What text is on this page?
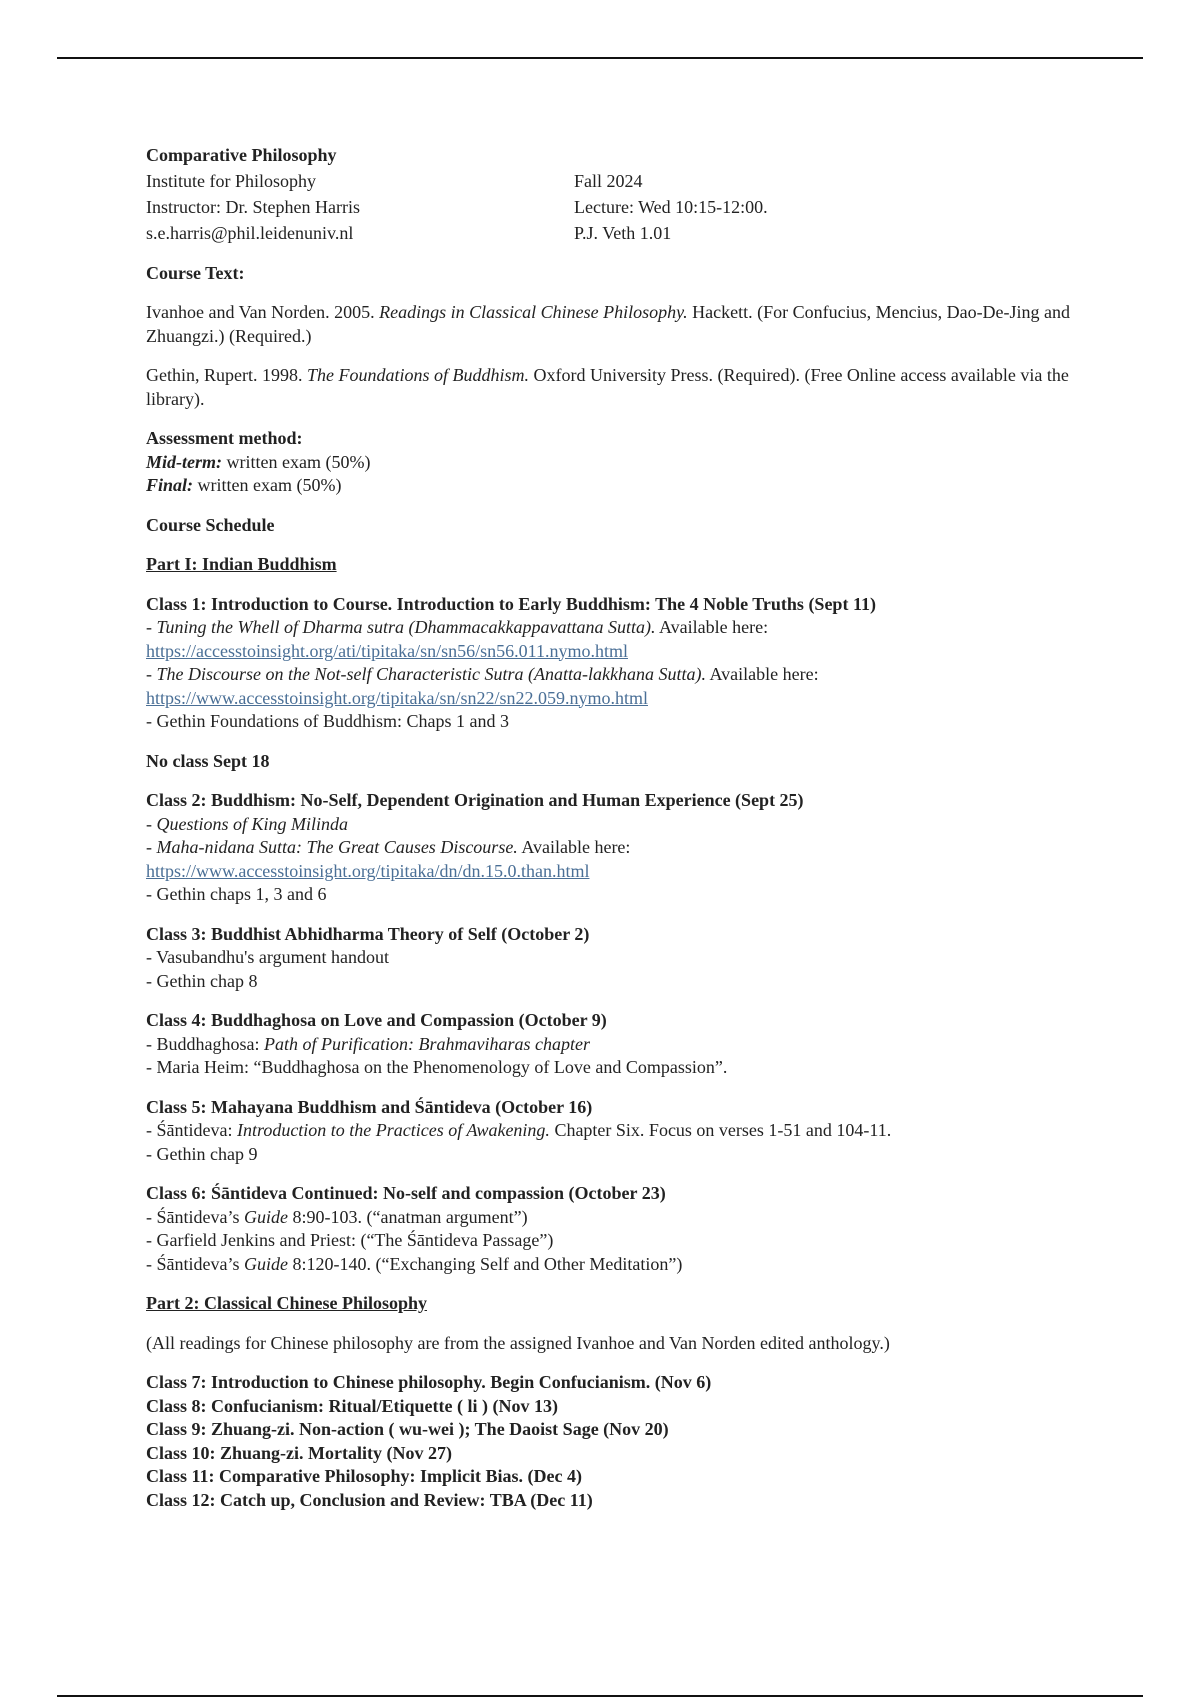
Comparative Philosophy

Institute for Philosophy	Fall 2024
Instructor: Dr. Stephen Harris	Lecture: Wed 10:15-12:00.
s.e.harris@phil.leidenuniv.nl	P.J. Veth 1.01

Course Text:

Ivanhoe and Van Norden. 2005. Readings in Classical Chinese Philosophy. Hackett. (For Confucius, Mencius, Dao-De-Jing and Zhuangzi.) (Required.)

Gethin, Rupert. 1998. The Foundations of Buddhism. Oxford University Press. (Required). (Free Online access available via the library).

Assessment method:

Mid-term: written exam (50%)

Final: written exam (50%)

Course Schedule

Part I: Indian Buddhism

Class 1: Introduction to Course. Introduction to Early Buddhism: The 4 Noble Truths (Sept 11)

- Tuning the Whell of Dharma sutra (Dhammacakkappavattana Sutta). Available here:

https://accesstoinsight.org/ati/tipitaka/sn/sn56/sn56.011.nymo.html

- The Discourse on the Not-self Characteristic Sutra (Anatta-lakkhana Sutta). Available here:

https://www.accesstoinsight.org/tipitaka/sn/sn22/sn22.059.nymo.html

- Gethin Foundations of Buddhism: Chaps 1 and 3

No class Sept 18

Class 2: Buddhism: No-Self, Dependent Origination and Human Experience (Sept 25)

- Questions of King Milinda

- Maha-nidana Sutta: The Great Causes Discourse. Available here:

https://www.accesstoinsight.org/tipitaka/dn/dn.15.0.than.html

- Gethin chaps 1, 3 and 6

Class 3: Buddhist Abhidharma Theory of Self (October 2)

- Vasubandhu's argument handout

- Gethin chap 8

Class 4: Buddhaghosa on Love and Compassion (October 9)

- Buddhaghosa: Path of Purification: Brahmaviharas chapter

- Maria Heim: “Buddhaghosa on the Phenomenology of Love and Compassion”.

Class 5: Mahayana Buddhism and Śāntideva (October 16)

- Śāntideva: Introduction to the Practices of Awakening. Chapter Six. Focus on verses 1-51 and 104-11.

- Gethin chap 9

Class 6: Śāntideva Continued: No-self and compassion (October 23)

- Śāntideva’s Guide 8:90-103. (“anatman argument”)

- Garfield Jenkins and Priest: (“The Śāntideva Passage”)

- Śāntideva’s Guide 8:120-140. (“Exchanging Self and Other Meditation”)

Part 2: Classical Chinese Philosophy

(All readings for Chinese philosophy are from the assigned Ivanhoe and Van Norden edited anthology.)

Class 7: Introduction to Chinese philosophy. Begin Confucianism. (Nov 6)

Class 8: Confucianism: Ritual/Etiquette ( li ) (Nov 13)

Class 9: Zhuang-zi. Non-action ( wu-wei ); The Daoist Sage (Nov 20)

Class 10: Zhuang-zi. Mortality (Nov 27)

Class 11: Comparative Philosophy: Implicit Bias. (Dec 4)

Class 12: Catch up, Conclusion and Review: TBA (Dec 11)
